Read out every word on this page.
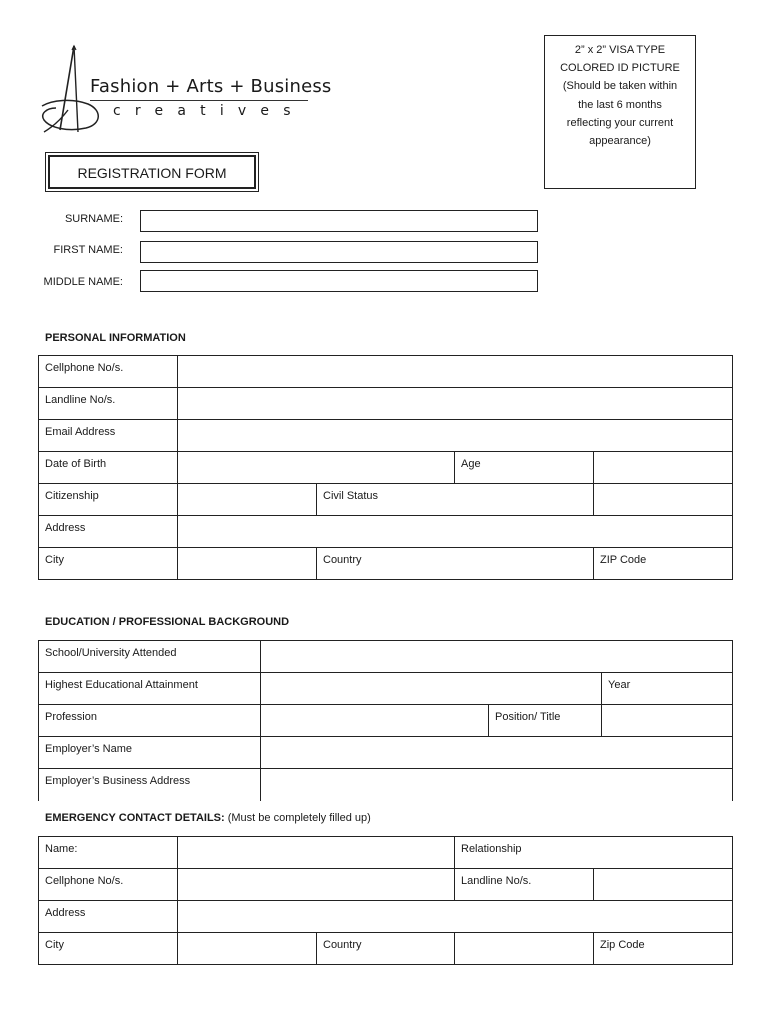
Fashion + Arts + Business
creatives
2” x 2” VISA TYPE
COLORED ID PICTURE
(Should be taken within
the last 6 months
reflecting your current
appearance)
REGISTRATION FORM
SURNAME:
FIRST NAME:
MIDDLE NAME:
PERSONAL INFORMATION
Cellphone No/s.				
Landline No/s.				
Email Address				
Date of Birth			Age	
Citizenship		Civil Status		
Address				
City		Country		ZIP Code
EDUCATION / PROFESSIONAL BACKGROUND
School/University Attended			
Highest Educational Attainment			Year
Profession		Position/ Title	
Employer’s Name			
Employer’s Business Address			
EMERGENCY CONTACT DETAILS: (Must be completely filled up)
Name:			Relationship	
Cellphone No/s.			Landline No/s.	
Address				
City		Country		Zip Code
